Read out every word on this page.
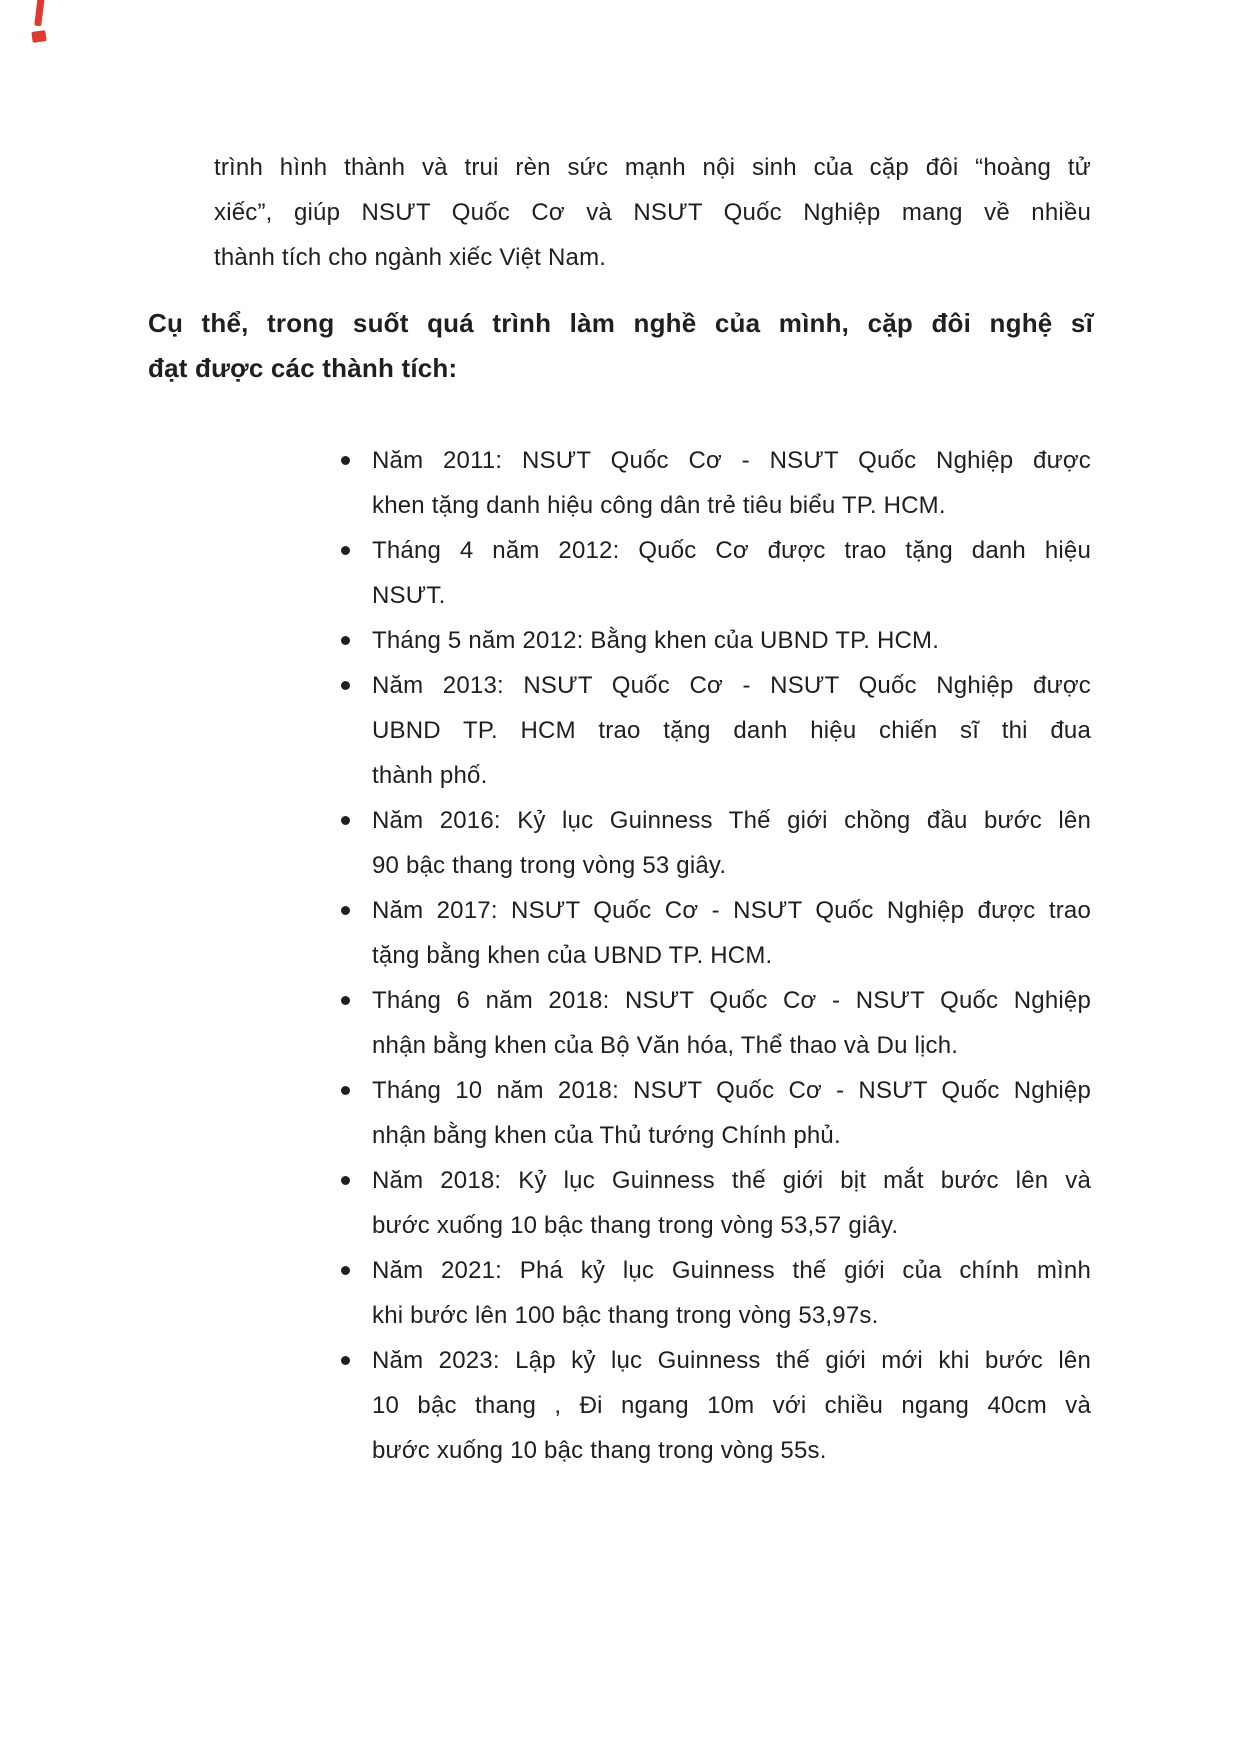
trình hình thành và trui rèn sức mạnh nội sinh của cặp đôi “hoàng tử
xiếc”, giúp NSƯT Quốc Cơ và NSƯT Quốc Nghiệp mang về nhiều
thành tích cho ngành xiếc Việt Nam.
Cụ thể, trong suốt quá trình làm nghề của mình, cặp đôi nghệ sĩ
đạt được các thành tích:
Năm 2011: NSƯT Quốc Cơ - NSƯT Quốc Nghiệp được
khen tặng danh hiệu công dân trẻ tiêu biểu TP. HCM.
Tháng 4 năm 2012: Quốc Cơ được trao tặng danh hiệu
NSƯT.
Tháng 5 năm 2012: Bằng khen của UBND TP. HCM.
Năm 2013: NSƯT Quốc Cơ - NSƯT Quốc Nghiệp được
UBND TP. HCM trao tặng danh hiệu chiến sĩ thi đua
thành phố.
Năm 2016: Kỷ lục Guinness Thế giới chồng đầu bước lên
90 bậc thang trong vòng 53 giây.
Năm 2017: NSƯT Quốc Cơ - NSƯT Quốc Nghiệp được trao
tặng bằng khen của UBND TP. HCM.
Tháng 6 năm 2018: NSƯT Quốc Cơ - NSƯT Quốc Nghiệp
nhận bằng khen của Bộ Văn hóa, Thể thao và Du lịch.
Tháng 10 năm 2018: NSƯT Quốc Cơ - NSƯT Quốc Nghiệp
nhận bằng khen của Thủ tướng Chính phủ.
Năm 2018: Kỷ lục Guinness thế giới bịt mắt bước lên và
bước xuống 10 bậc thang trong vòng 53,57 giây.
Năm 2021: Phá kỷ lục Guinness thế giới của chính mình
khi bước lên 100 bậc thang trong vòng 53,97s.
Năm 2023: Lập kỷ lục Guinness thế giới mới khi bước lên
10 bậc thang , Đi ngang 10m với chiều ngang 40cm và
bước xuống 10 bậc thang trong vòng 55s.
